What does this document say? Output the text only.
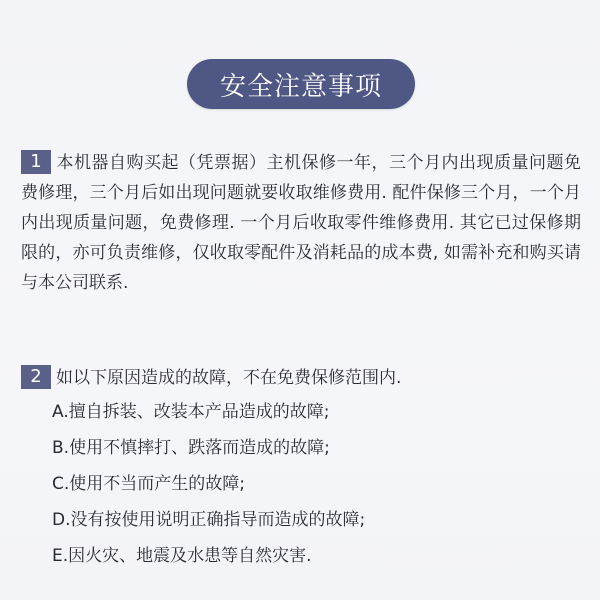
安全注意事项

1 本机器自购买起（凭票据）主机保修一年，三个月内出现质量问题免费修理，三个月后如出现问题就要收取维修费用. 配件保修三个月，一个月内出现质量问题，免费修理. 一个月后收取零件维修费用. 其它已过保修期限的，亦可负责维修，仅收取零配件及消耗品的成本费, 如需补充和购买请与本公司联系.

2 如以下原因造成的故障，不在免费保修范围内.

A.擅自拆装、改装本产品造成的故障;
B.使用不慎摔打、跌落而造成的故障;
C.使用不当而产生的故障;
D.没有按使用说明正确指导而造成的故障;
E.因火灾、地震及水患等自然灾害.
